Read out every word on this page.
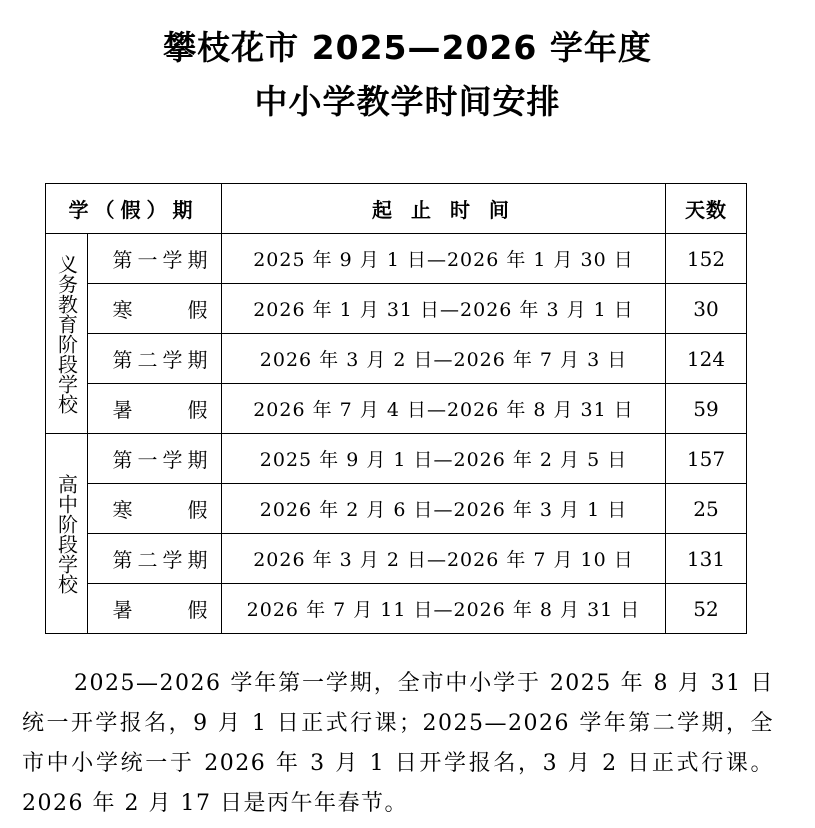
攀枝花市 2025—2026 学年度
中小学教学时间安排
学（假）期		起 止 时 间	天数

义务教育阶段学校	第一学期	2025 年 9 月 1 日—2026 年 1 月 30 日	152
	寒　　假	2026 年 1 月 31 日—2026 年 3 月 1 日	30
	第二学期	2026 年 3 月 2 日—2026 年 7 月 3 日	124
	暑　　假	2026 年 7 月 4 日—2026 年 8 月 31 日	59

高中阶段学校	第一学期	2025 年 9 月 1 日—2026 年 2 月 5 日	157
	寒　　假	2026 年 2 月 6 日—2026 年 3 月 1 日	25
	第二学期	2026 年 3 月 2 日—2026 年 7 月 10 日	131
	暑　　假	2026 年 7 月 11 日—2026 年 8 月 31 日	52

2025—2026 学年第一学期，全市中小学于 2025 年 8 月 31 日统一开学报名，9 月 1 日正式行课；2025—2026 学年第二学期，全市中小学统一于 2026 年 3 月 1 日开学报名，3 月 2 日正式行课。2026 年 2 月 17 日是丙午年春节。
